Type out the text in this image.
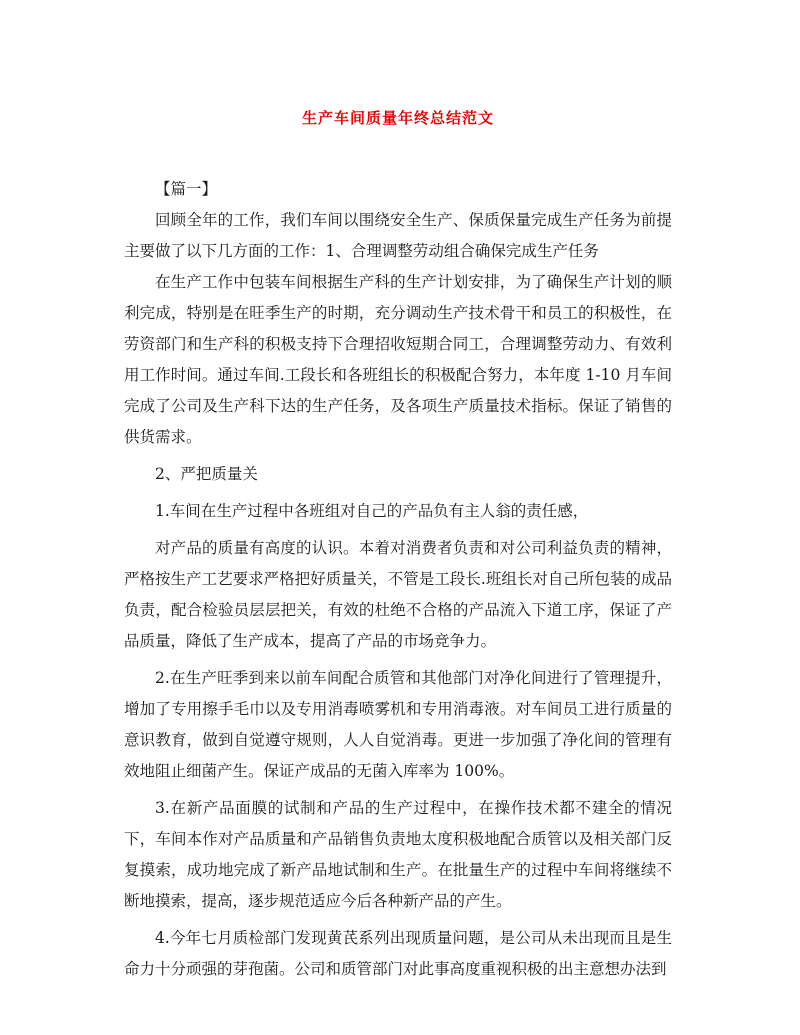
生产车间质量年终总结范文

【篇一】

回顾全年的工作，我们车间以围绕安全生产、保质保量完成生产任务为前提主要做了以下几方面的工作：1、合理调整劳动组合确保完成生产任务

在生产工作中包装车间根据生产科的生产计划安排，为了确保生产计划的顺利完成，特别是在旺季生产的时期，充分调动生产技术骨干和员工的积极性，在劳资部门和生产科的积极支持下合理招收短期合同工，合理调整劳动力、有效利用工作时间。通过车间.工段长和各班组长的积极配合努力，本年度 1-10 月车间完成了公司及生产科下达的生产任务，及各项生产质量技术指标。保证了销售的供货需求。

2、严把质量关

1.车间在生产过程中各班组对自己的产品负有主人翁的责任感，

对产品的质量有高度的认识。本着对消费者负责和对公司利益负责的精神，严格按生产工艺要求严格把好质量关，不管是工段长.班组长对自己所包装的成品负责，配合检验员层层把关，有效的杜绝不合格的产品流入下道工序，保证了产品质量，降低了生产成本，提高了产品的市场竞争力。

2.在生产旺季到来以前车间配合质管和其他部门对净化间进行了管理提升，增加了专用擦手毛巾以及专用消毒喷雾机和专用消毒液。对车间员工进行质量的意识教育，做到自觉遵守规则，人人自觉消毒。更进一步加强了净化间的管理有效地阻止细菌产生。保证产成品的无菌入库率为 100%。

3.在新产品面膜的试制和产品的生产过程中，在操作技术都不建全的情况下，车间本作对产品质量和产品销售负责地太度积极地配合质管以及相关部门反复摸索，成功地完成了新产品地试制和生产。在批量生产的过程中车间将继续不断地摸索，提高，逐步规范适应今后各种新产品的产生。

4.今年七月质检部门发现黄芪系列出现质量问题，是公司从未出现而且是生命力十分顽强的芽孢菌。公司和质管部门对此事高度重视积极的出主意想办法到
